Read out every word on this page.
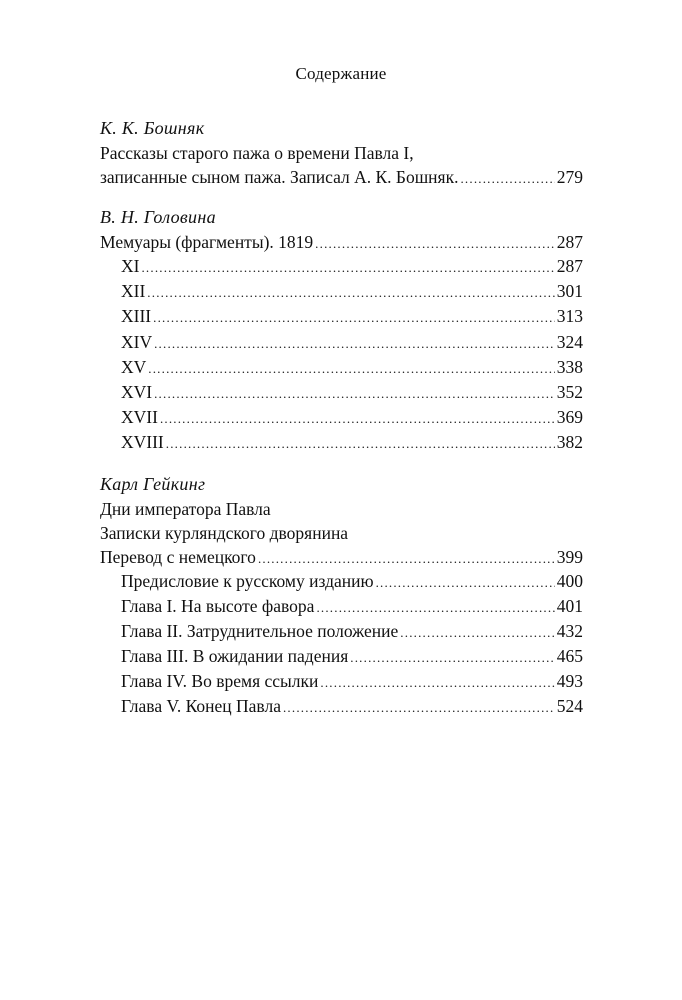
Содержание
К. К. Бошняк
Рассказы старого пажа о времени Павла I,
записанные сыном пажа. Записал А. К. Бошняк. .....	279
В. Н. Головина
Мемуары (фрагменты). 1819 .....	287
XI .....	287
XII .....	301
XIII .....	313
XIV .....	324
XV .....	338
XVI .....	352
XVII .....	369
XVIII .....	382
Карл Гейкинг
Дни императора Павла
Записки курляндского дворянина
Перевод с немецкого .....	399
Предисловие к русскому изданию .....	400
Глава I. На высоте фавора .....	401
Глава II. Затруднительное положение .....	432
Глава III. В ожидании падения .....	465
Глава IV. Во время ссылки .....	493
Глава V. Конец Павла .....	524
